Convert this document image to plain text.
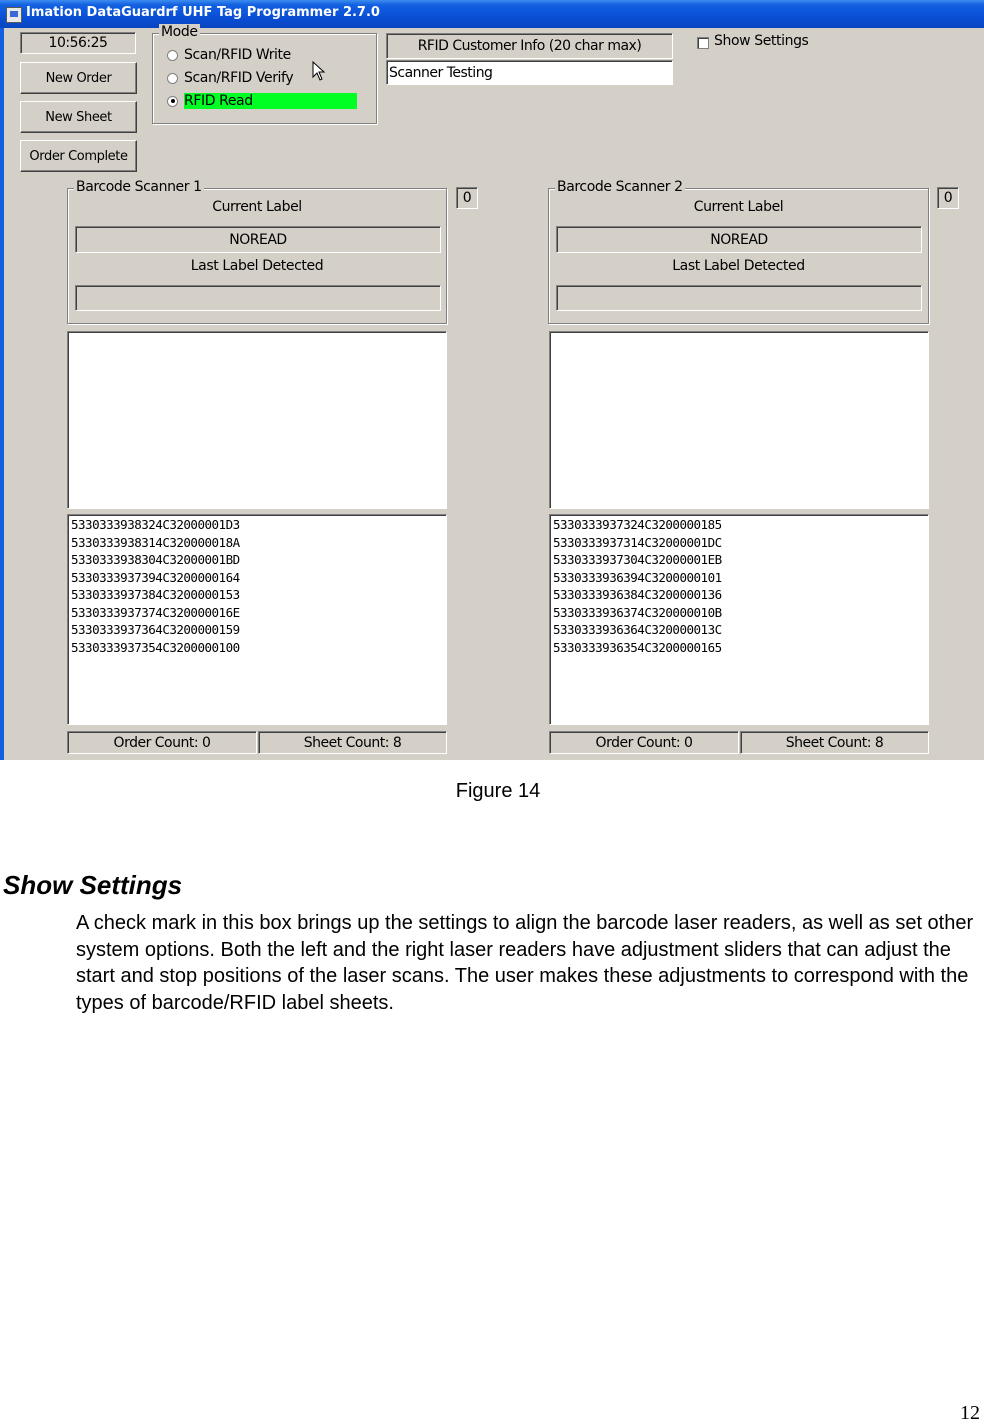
Imation DataGuardrf UHF Tag Programmer 2.7.0
10:56:25
New Order
New Sheet
Order Complete
Mode
Scan/RFID Write
Scan/RFID Verify
RFID Read
RFID Customer Info (20 char max)
Scanner Testing
Show Settings
Barcode Scanner 1
Current Label
NOREAD
Last Label Detected
0
5330333938324C32000001D3
5330333938314C320000018A
5330333938304C32000001BD
5330333937394C3200000164
5330333937384C3200000153
5330333937374C320000016E
5330333937364C3200000159
5330333937354C3200000100
Order Count: 0	Sheet Count: 8
Barcode Scanner 2
Current Label
NOREAD
Last Label Detected
0
5330333937324C3200000185
5330333937314C32000001DC
5330333937304C32000001EB
5330333936394C3200000101
5330333936384C3200000136
5330333936374C320000010B
5330333936364C320000013C
5330333936354C3200000165
Order Count: 0	Sheet Count: 8
Figure 14
Show Settings
A check mark in this box brings up the settings to align the barcode laser readers, as well as set other system options. Both the left and the right laser readers have adjustment sliders that can adjust the start and stop positions of the laser scans. The user makes these adjustments to correspond with the types of barcode/RFID label sheets.
12
